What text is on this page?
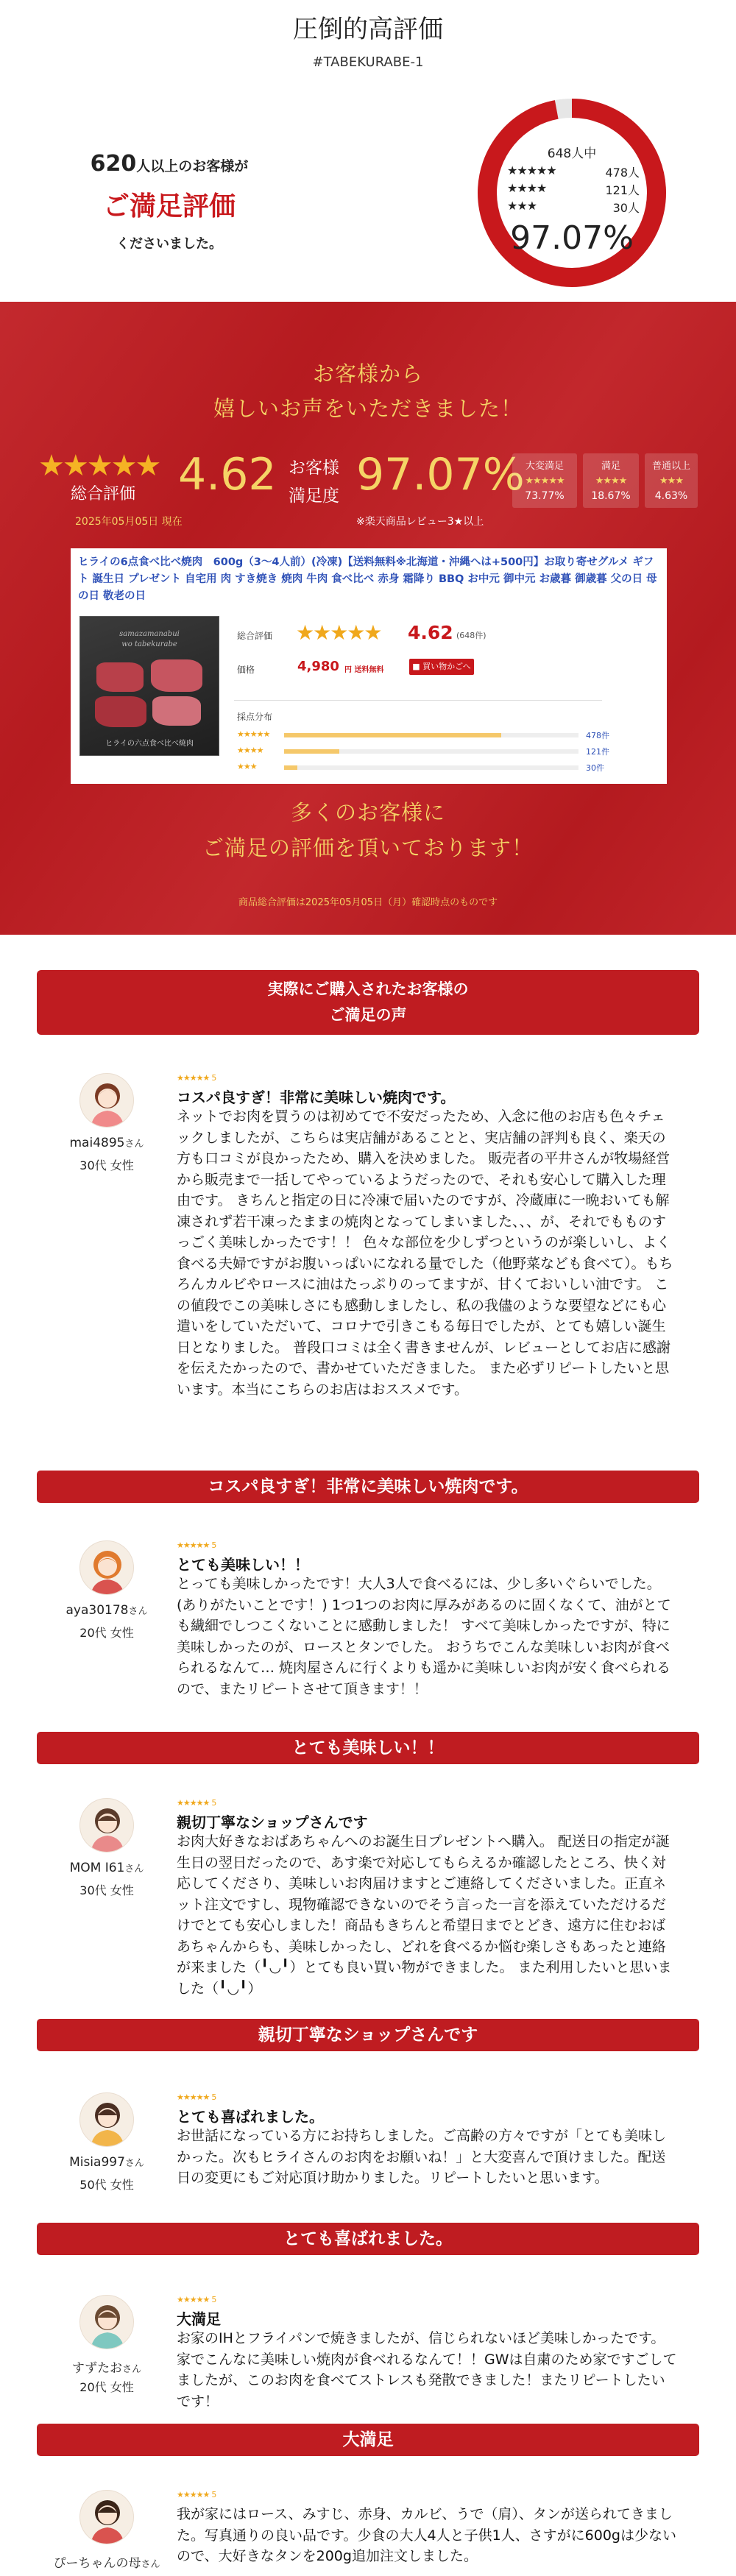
圧倒的高評価
#TABEKURABE-1
620人以上のお客様が
ご満足評価
くださいました。
648人中
★★★★★	478人
★★★★	121人
★★★	30人
97.07%
お客様から
嬉しいお声をいただきました！
★★★★★
総合評価
2025年05月05日 現在
4.62 お客様
満足度 97.07%
※楽天商品レビュー3★以上
大変満足
★★★★★
73.77%
満足
★★★★
18.67%
普通以上
★★★
4.63%
ヒライの6点食べ比べ焼肉　600g（3〜4人前）(冷凍)【送料無料※北海道・沖縄へは+500円】お取り寄せグルメ ギフト 誕生日 プレゼント 自宅用 肉 すき焼き 焼肉 牛肉 食べ比べ 赤身 霜降り BBQ お中元 御中元 お歳暮 御歳暮 父の日 母の日 敬老の日
samazamanabui
wo tabekurabe
ヒライの六点食べ比べ焼肉
総合評価 ★★★★★ 4.62 (648件)
価格	4,980 円 送料無料	■ 買い物かごへ
採点分布
★★★★★	478件
★★★★	121件
★★★	30件
多くのお客様に
ご満足の評価を頂いております！
商品総合評価は2025年05月05日（月）確認時点のものです
実際にご購入されたお客様の
ご満足の声
mai4895さん
30代 女性
★★★★★ 5
コスパ良すぎ！非常に美味しい焼肉です。
ネットでお肉を買うのは初めてで不安だったため、入念に他のお店も色々チェックしましたが、こちらは実店舗があることと、実店舗の評判も良く、楽天の方も口コミが良かったため、購入を決めました。 販売者の平井さんが牧場経営から販売まで一括してやっているようだったので、それも安心して購入した理由です。 きちんと指定の日に冷凍で届いたのですが、冷蔵庫に一晩おいても解凍されず若干凍ったままの焼肉となってしまいました、、、が、それでもものすっごく美味しかったです！！ 色々な部位を少しずつというのが楽しいし、よく食べる夫婦ですがお腹いっぱいになれる量でした（他野菜なども食べて）。もちろんカルビやロースに油はたっぷりのってますが、甘くておいしい油です。 この値段でこの美味しさにも感動しましたし、私の我儘のような要望などにも心遣いをしていただいて、コロナで引きこもる毎日でしたが、とても嬉しい誕生日となりました。 普段口コミは全く書きませんが、レビューとしてお店に感謝を伝えたかったので、書かせていただきました。 また必ずリピートしたいと思います。本当にこちらのお店はおススメです。
コスパ良すぎ！非常に美味しい焼肉です。
aya30178さん
20代 女性
★★★★★ 5
とても美味しい！！
とっても美味しかったです！大人3人で食べるには、少し多いぐらいでした。(ありがたいことです！) 1つ1つのお肉に厚みがあるのに固くなくて、油がとても繊細でしつこくないことに感動しました！ すべて美味しかったですが、特に美味しかったのが、ロースとタンでした。 おうちでこんな美味しいお肉が食べられるなんて… 焼肉屋さんに行くよりも遥かに美味しいお肉が安く食べられるので、またリピートさせて頂きます！！
とても美味しい！！
MOM I61さん
30代 女性
★★★★★ 5
親切丁寧なショップさんです
お肉大好きなおばあちゃんへのお誕生日プレゼントへ購入。 配送日の指定が誕生日の翌日だったので、あす楽で対応してもらえるか確認したところ、快く対応してくださり、美味しいお肉届けますとご連絡してくださいました。正直ネット注文ですし、現物確認できないのでそう言った一言を添えていただけるだけでとても安心しました！商品もきちんと希望日までとどき、遠方に住むおばあちゃんからも、美味しかったし、どれを食べるか悩む楽しさもあったと連絡が来ました（╹◡╹）とても良い買い物ができました。 また利用したいと思いました（╹◡╹）
親切丁寧なショップさんです
Misia997さん
50代 女性
★★★★★ 5
とても喜ばれました。
お世話になっている方にお持ちしました。ご高齢の方々ですが「とても美味しかった。次もヒライさんのお肉をお願いね！」と大変喜んで頂けました。配送日の変更にもご対応頂け助かりました。リピートしたいと思います。
とても喜ばれました。
すずたおさん
20代 女性
★★★★★ 5
大満足
お家のIHとフライパンで焼きましたが、信じられないほど美味しかったです。家でこんなに美味しい焼肉が食べれるなんて！！GWは自粛のため家ですごしてましたが、このお肉を食べてストレスも発散できました！またリピートしたいです！
大満足
ぴーちゃんの母さん
★★★★★ 5
我が家にはロース、みすじ、赤身、カルビ、うで（肩）、タンが送られてきました。写真通りの良い品です。少食の大人4人と子供1人、さすがに600gは少ないので、大好きなタンを200g追加注文しました。
